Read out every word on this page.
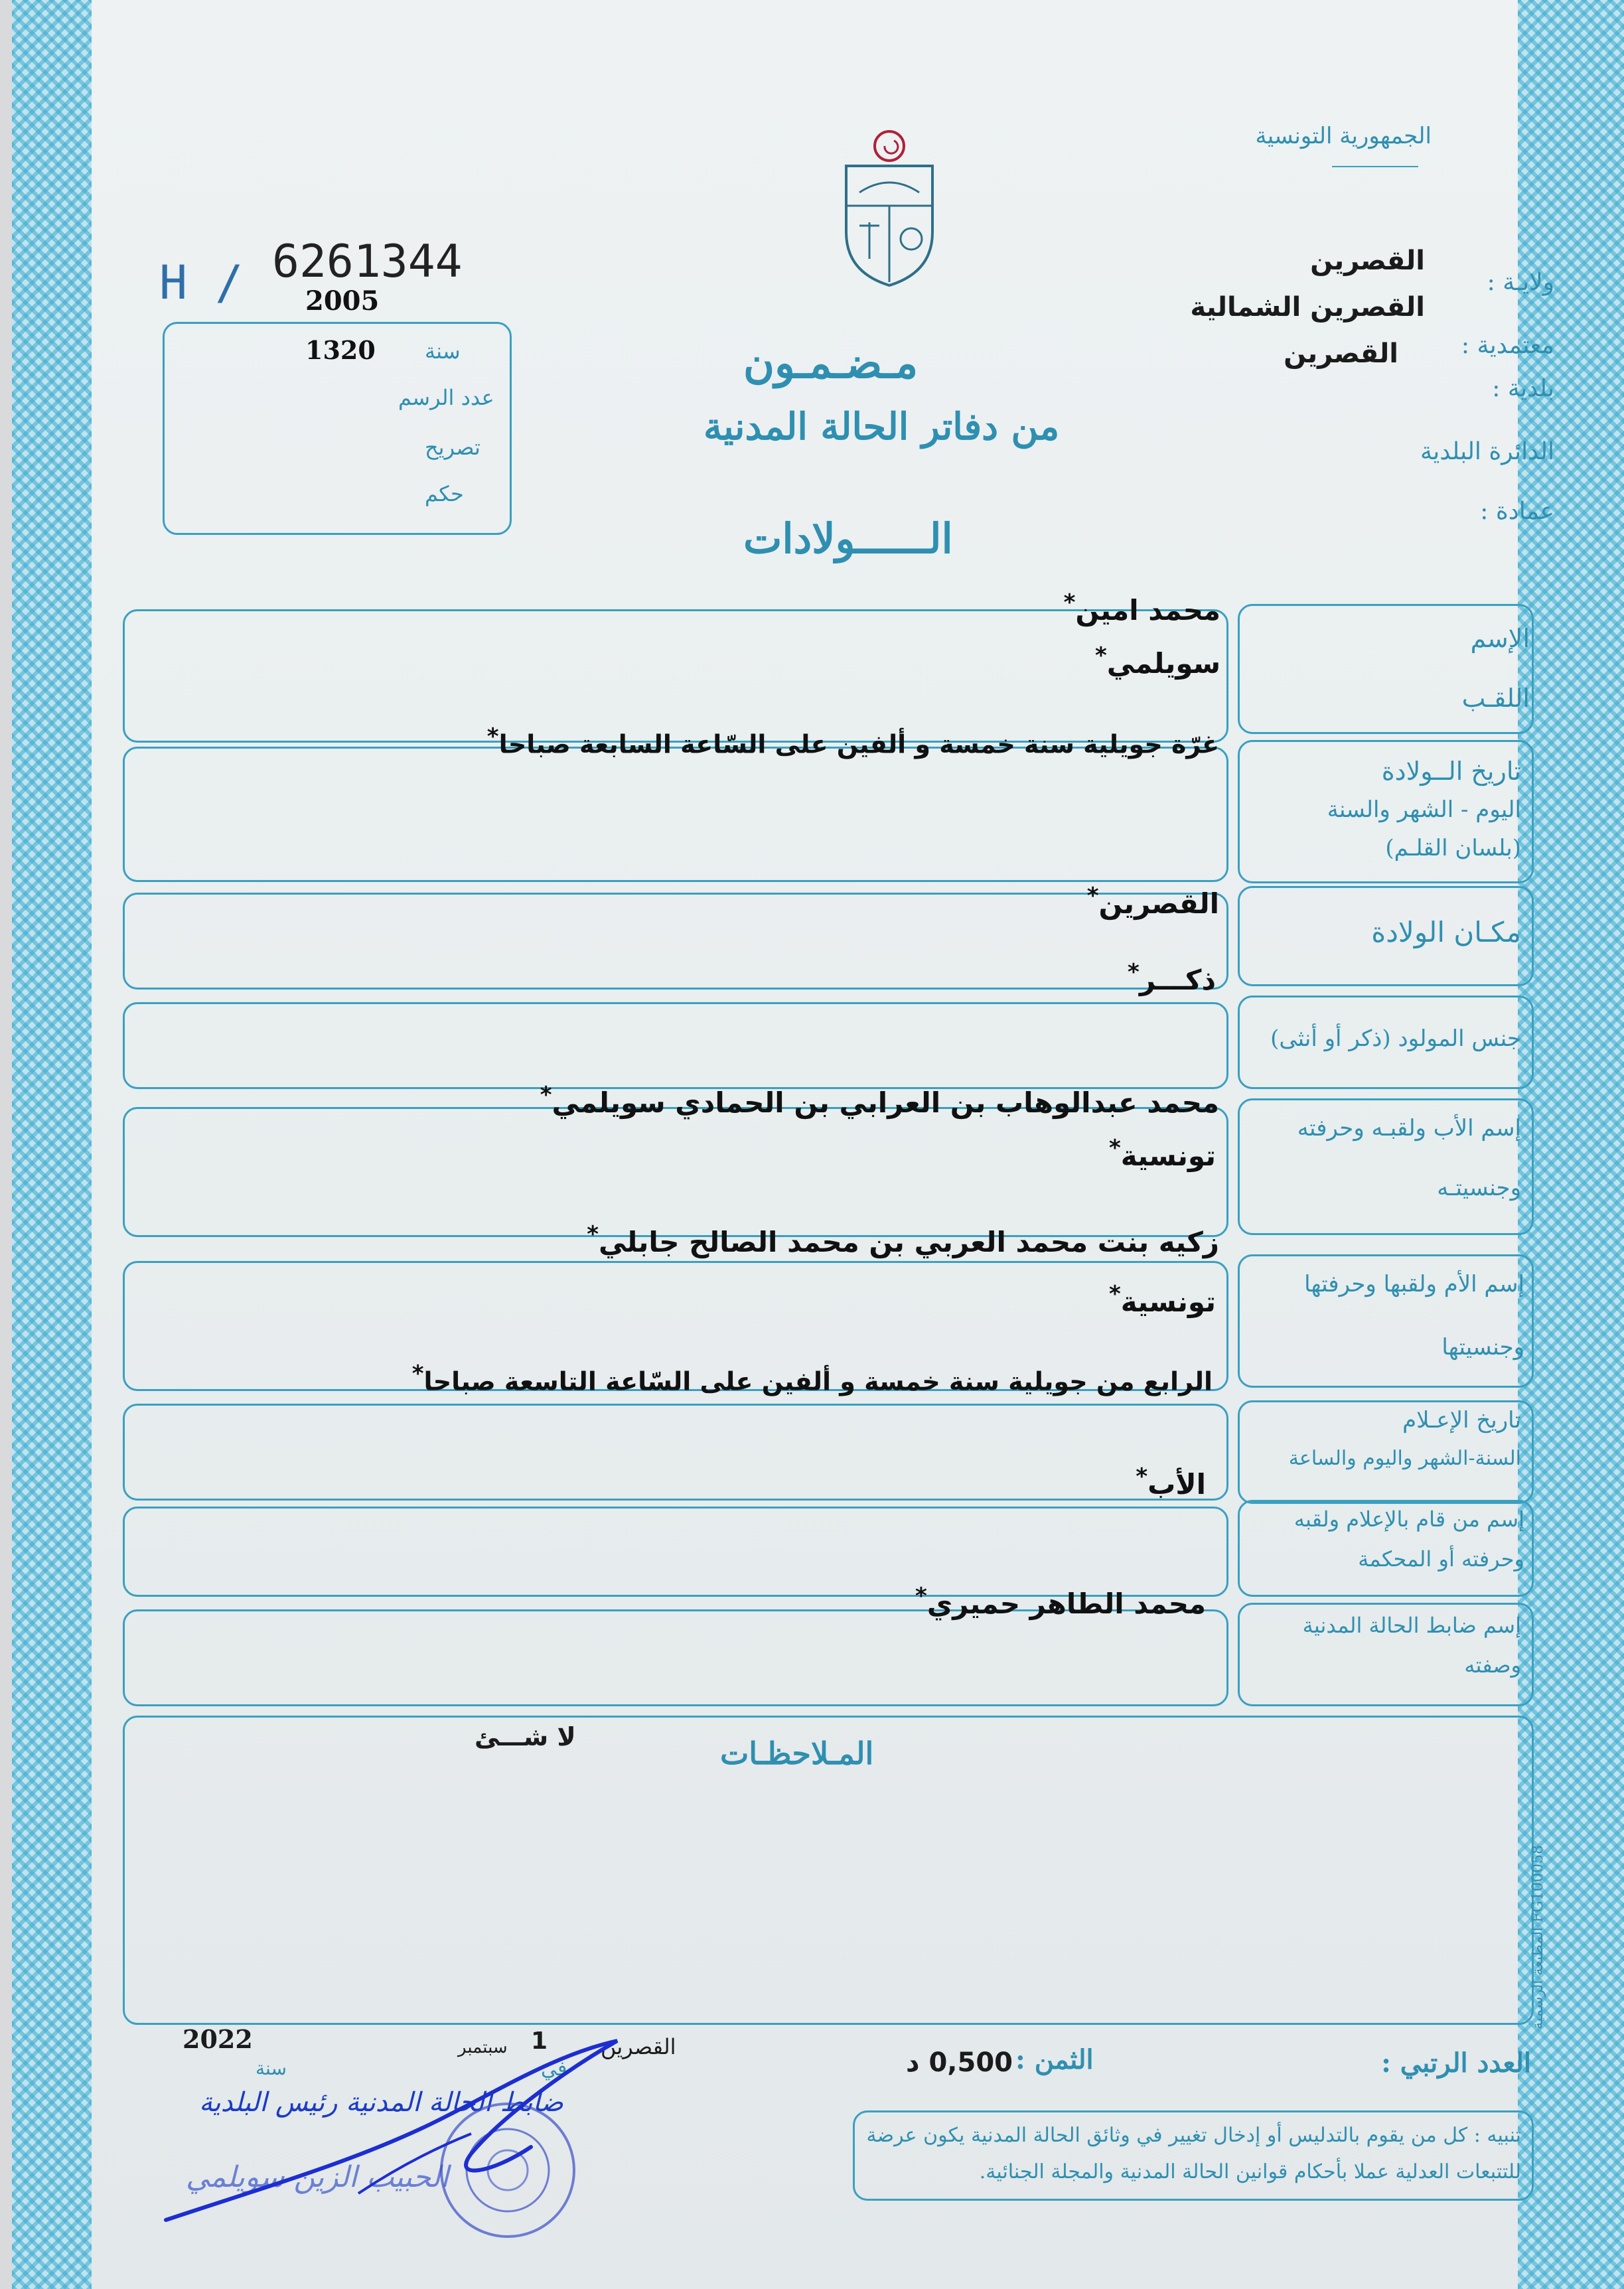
الجمهورية التونسية
ولايـة :
القصرين
القصرين الشمالية
معتمدية :
القصرين
بلدية :
الدائرة البلدية
عمادة :
مـضـمـون
من دفاتر الحالة المدنية
الــــــولادات
H / 6261344
2005
1320 سنة
عدد الرسم
تصريح
حكم
الإسم
اللقـب
محمد امين *
سويلمي *
تاريخ الــولادة
اليوم - الشهر والسنة
(بلسان القلـم)
غرّة جويلية سنة خمسة و ألفين على السّاعة السابعة صباحا *
مكـان الولادة
القصرين *
جنس المولود (ذكر أو أنثى)
ذكـــر *
إسم الأب ولقبـه وحرفته
وجنسيتـه
محمد عبدالوهاب بن العرابي بن الحمادي سويلمي *
تونسية *
إسم الأم ولقبها وحرفتها
وجنسيتها
زكيه بنت محمد العربي بن محمد الصالح جابلي *
تونسية *
تاريخ الإعـلام
السنة-الشهر واليوم والساعة
الرابع من جويلية سنة خمسة و ألفين على السّاعة التاسعة صباحا *
إسم من قام بالإعلام ولقبه
وحرفته أو المحكمة
الأب *
إسم ضابط الحالة المدنية
وصفته
محمد الطاهر حميري *
المـلاحظـات
لا شـــئ
المطبعة الرسمية FG100058
العدد الرتبي :
الثمن :
0,500 د
القصرين
في
1
سبتمبر
2022
سنة
ضابط الحالة المدنية رئيس البلدية
الحبيب الزين سويلمي
تنبيه : كل من يقوم بالتدليس أو إدخال تغيير في وثائق الحالة المدنية يكون عرضة
للتتبعات العدلية عملا بأحكام قوانين الحالة المدنية والمجلة الجنائية.
